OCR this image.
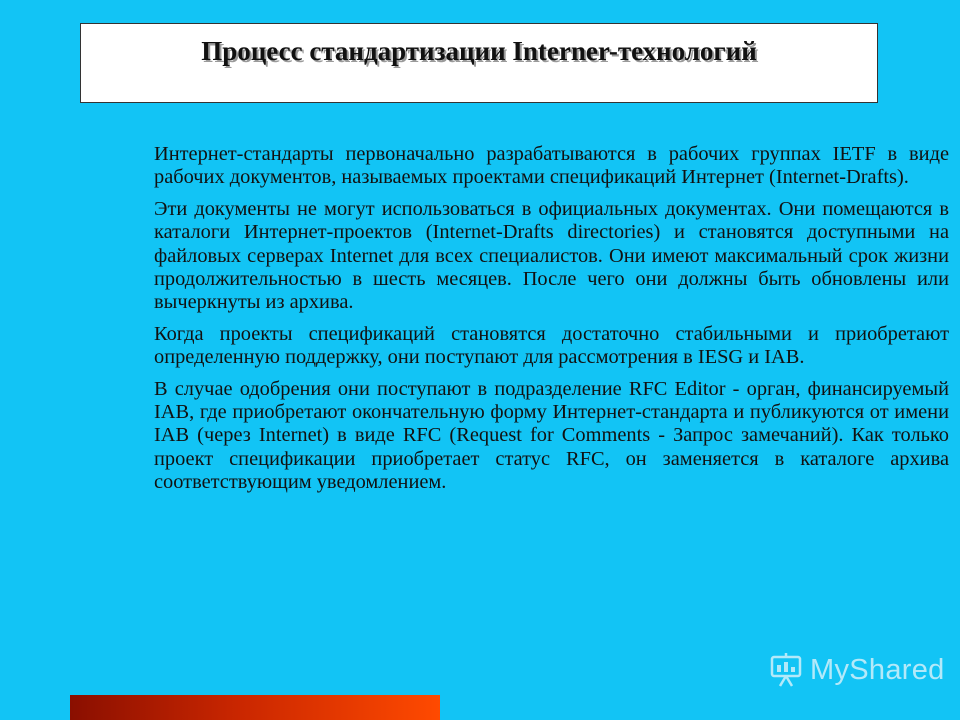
Процесс стандартизации Interner-технологий

Интернет-стандарты первоначально разрабатываются в рабочих группах IETF в виде рабочих документов, называемых проектами спецификаций Интернет (Internet-Drafts).

Эти документы не могут использоваться в официальных документах. Они помещаются в каталоги Интернет-проектов (Internet-Drafts directories) и становятся доступными на файловых серверах Internet для всех специалистов. Они имеют максимальный срок жизни продолжительностью в шесть месяцев. После чего они должны быть обновлены или вычеркнуты из архива.

Когда проекты спецификаций становятся достаточно стабильными и приобретают определенную поддержку, они поступают для рассмотрения в IESG и IAB.

В случае одобрения они поступают в подразделение RFC Editor - орган, финансируемый IAB, где приобретают окончательную форму Интернет-стандарта и публикуются от имени IAB (через Internet) в виде RFC (Request for Comments - Запрос замечаний). Как только проект спецификации приобретает статус RFC, он заменяется в каталоге архива соответствующим уведомлением.

MyShared
